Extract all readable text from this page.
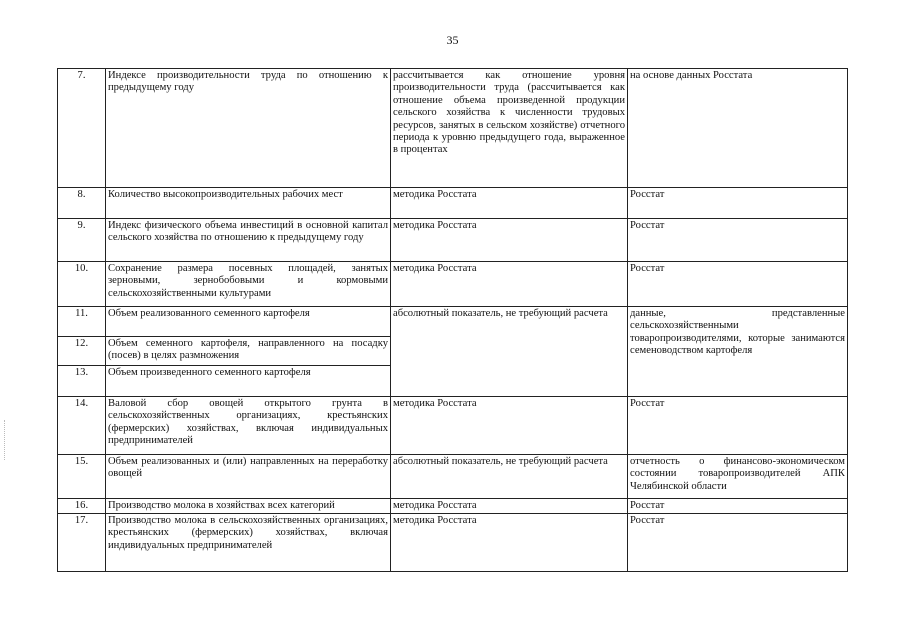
35
7.	Индексе производительности труда по отношению к предыдущему году	рассчитывается как отношение уровня производительности труда (рассчитывается как отношение объема произведенной продукции сельского хозяйства к численности трудовых ресурсов, занятых в сельском хозяйстве) отчетного периода к уровню предыдущего года, выраженное в процентах	на основе данных Росстата
8.	Количество высокопроизводительных рабочих мест	методика Росстата	Росстат
9.	Индекс физического объема инвестиций в основной капитал сельского хозяйства по отношению к предыдущему году	методика Росстата	Росстат
10.	Сохранение размера посевных площадей, занятых зерновыми, зернобобовыми и кормовыми сельскохозяйственными культурами	методика Росстата	Росстат
11.	Объем реализованного семенного картофеля	абсолютный показатель, не требующий расчета	данные, представленные сельскохозяйственными товаропроизводителями, которые занимаются семеноводством картофеля
12.	Объем семенного картофеля, направленного на посадку (посев) в целях размножения		
13.	Объем произведенного семенного картофеля		
14.	Валовой сбор овощей открытого грунта в сельскохозяйственных организациях, крестьянских (фермерских) хозяйствах, включая индивидуальных предпринимателей	методика Росстата	Росстат
15.	Объем реализованных и (или) направленных на переработку овощей	абсолютный показатель, не требующий расчета	отчетность о финансово-экономическом состоянии товаропроизводителей АПК Челябинской области
16.	Производство молока в хозяйствах всех категорий	методика Росстата	Росстат
17.	Производство молока в сельскохозяйственных организациях, крестьянских (фермерских) хозяйствах, включая индивидуальных предпринимателей	методика Росстата	Росстат
